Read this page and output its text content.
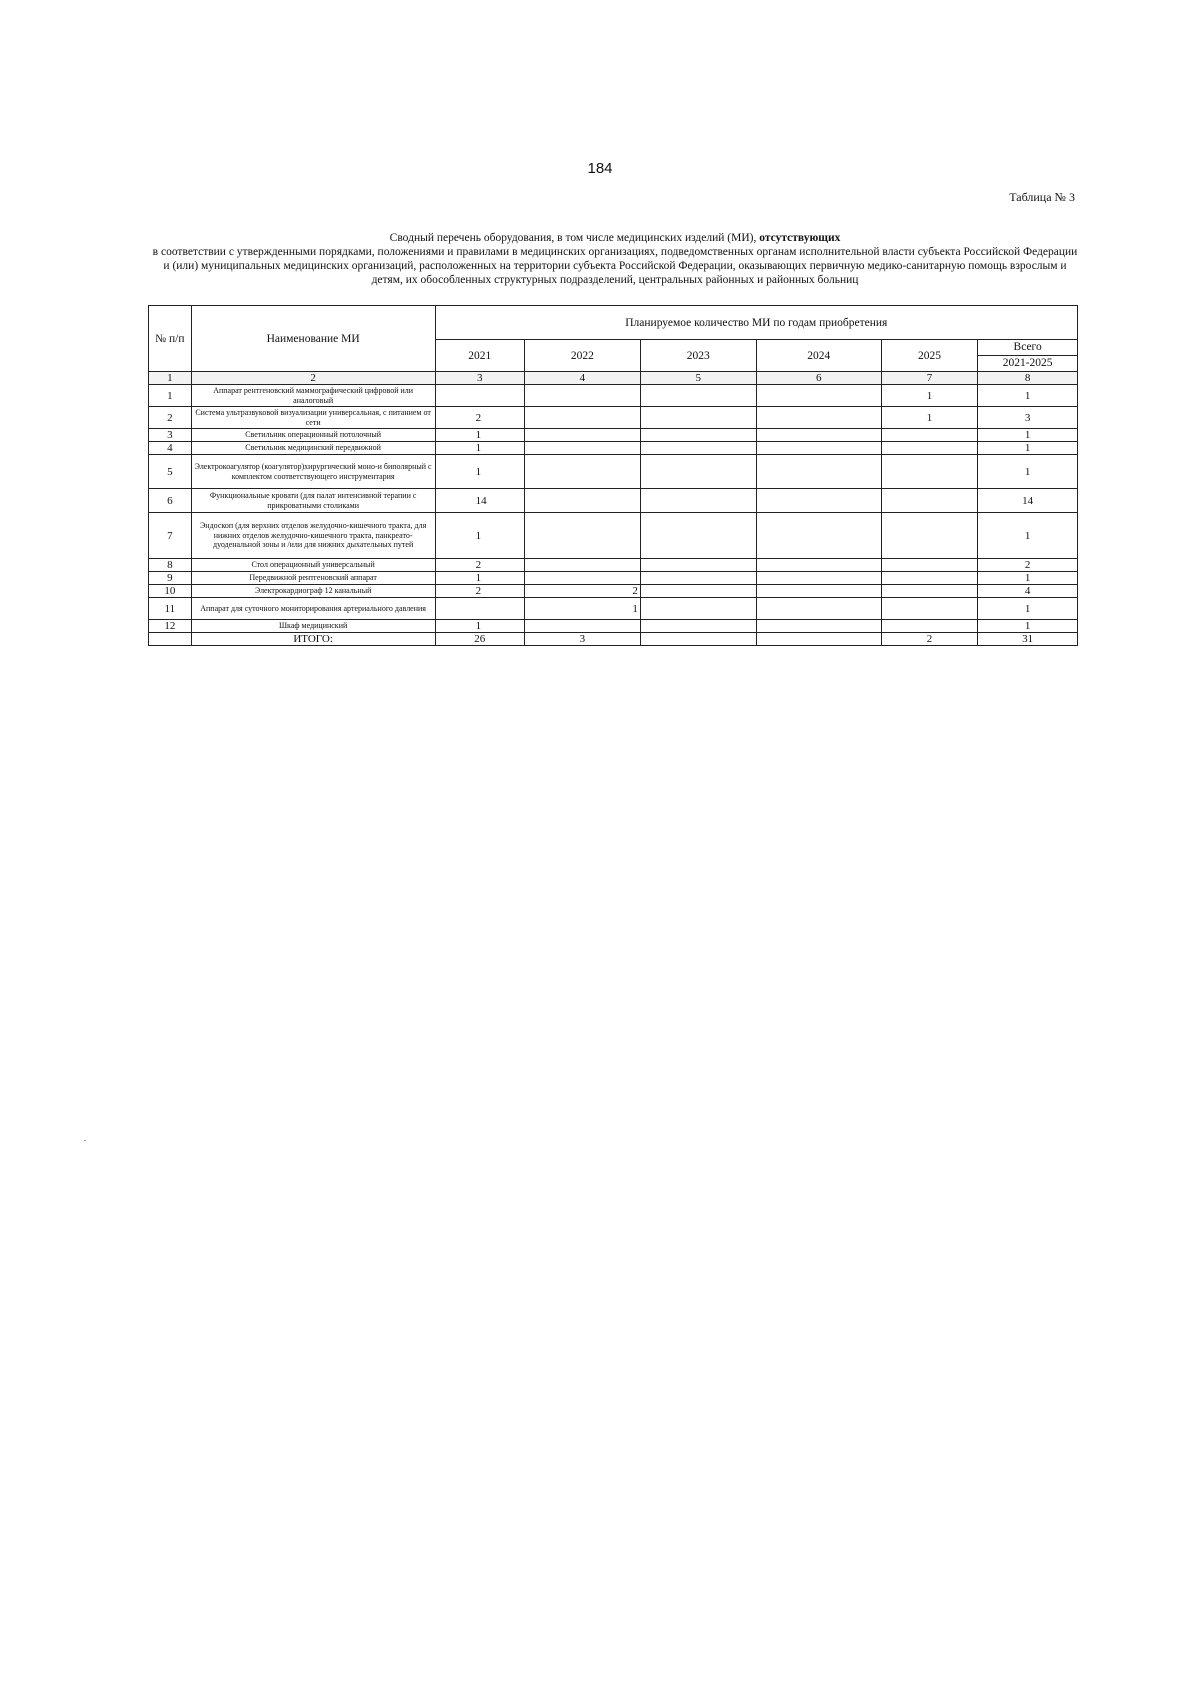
184
Таблица № 3
Сводный перечень оборудования, в том числе медицинских изделий (МИ), отсутствующих
в соответствии с утвержденными порядками, положениями и правилами в медицинских организациях, подведомственных органам исполнительной власти субъекта Российской Федерации и (или) муниципальных медицинских организаций, расположенных на территории субъекта Российской Федерации, оказывающих первичную медико-санитарную помощь взрослым и детям, их обособленных структурных подразделений, центральных районных и районных больниц
№ п/п	Наименование МИ	Планируемое количество МИ по годам приобретения					
		2021	2022	2023	2024	2025	Всего
2021-2025

1	2	3	4	5	6	7	8
1	Аппарат рентгеновский маммографический цифровой или аналоговый					1	1
2	Система ультразвуковой визуализации универсальная, с питанием от сети	2				1	3
3	Светильник операционный потолочный	1					1
4	Светильник медицинский передвижной	1					1
5	Электрокоагулятор (коагулятор)хирургический моно-и биполярный с комплектом соответствующего инструментария	1					1
6	Функциональные кровати (для палат интенсивной терапии с прикроватными столиками	14					14
7	Эндоскоп (для верхних отделов желудочно-кишечного тракта, для нижних отделов желудочно-кишечного тракта, панкреато-дуоденальной зоны и /или для нижних дыхательных путей	1					1
8	Стол операционный универсальный	2					2
9	Передвижной рентгеновский аппарат	1					1
10	Электрокардиограф 12 канальный	2	2				4
11	Аппарат для суточного мониторирования артериального давления		1				1
12	Шкаф медицинский	1					1
	ИТОГО:	26	3			2	31
